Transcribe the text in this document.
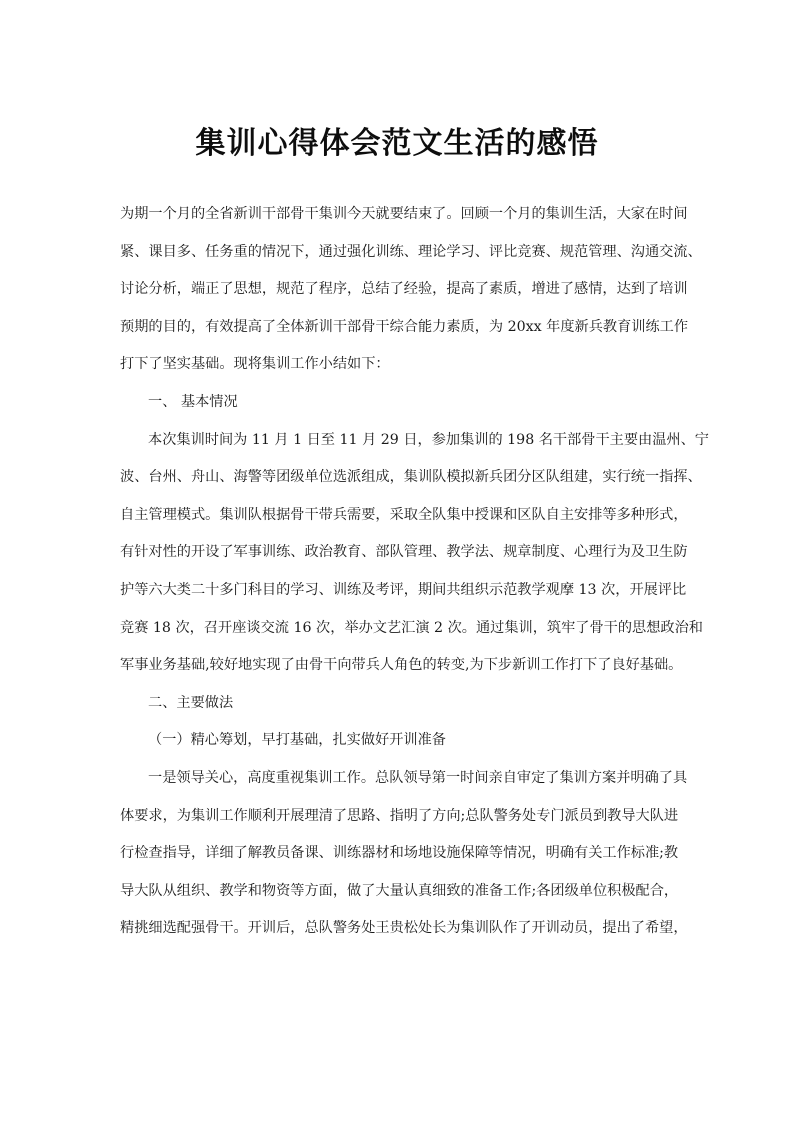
集训心得体会范文生活的感悟
为期一个月的全省新训干部骨干集训今天就要结束了。回顾一个月的集训生活，大家在时间
紧、课目多、任务重的情况下，通过强化训练、理论学习、评比竞赛、规范管理、沟通交流、
讨论分析，端正了思想，规范了程序，总结了经验，提高了素质，增进了感情，达到了培训
预期的目的，有效提高了全体新训干部骨干综合能力素质，为 20xx 年度新兵教育训练工作
打下了坚实基础。现将集训工作小结如下：
一、 基本情况
本次集训时间为 11 月 1 日至 11 月 29 日，参加集训的 198 名干部骨干主要由温州、宁
波、台州、舟山、海警等团级单位选派组成，集训队模拟新兵团分区队组建，实行统一指挥、
自主管理模式。集训队根据骨干带兵需要，采取全队集中授课和区队自主安排等多种形式，
有针对性的开设了军事训练、政治教育、部队管理、教学法、规章制度、心理行为及卫生防
护等六大类二十多门科目的学习、训练及考评，期间共组织示范教学观摩 13 次，开展评比
竞赛 18 次，召开座谈交流 16 次，举办文艺汇演 2 次。通过集训，筑牢了骨干的思想政治和
军事业务基础,较好地实现了由骨干向带兵人角色的转变,为下步新训工作打下了良好基础。
二、主要做法
（一）精心筹划，早打基础，扎实做好开训准备
一是领导关心，高度重视集训工作。总队领导第一时间亲自审定了集训方案并明确了具
体要求，为集训工作顺利开展理清了思路、指明了方向;总队警务处专门派员到教导大队进
行检查指导，详细了解教员备课、训练器材和场地设施保障等情况，明确有关工作标准;教
导大队从组织、教学和物资等方面，做了大量认真细致的准备工作;各团级单位积极配合，
精挑细选配强骨干。开训后，总队警务处王贵松处长为集训队作了开训动员，提出了希望，
